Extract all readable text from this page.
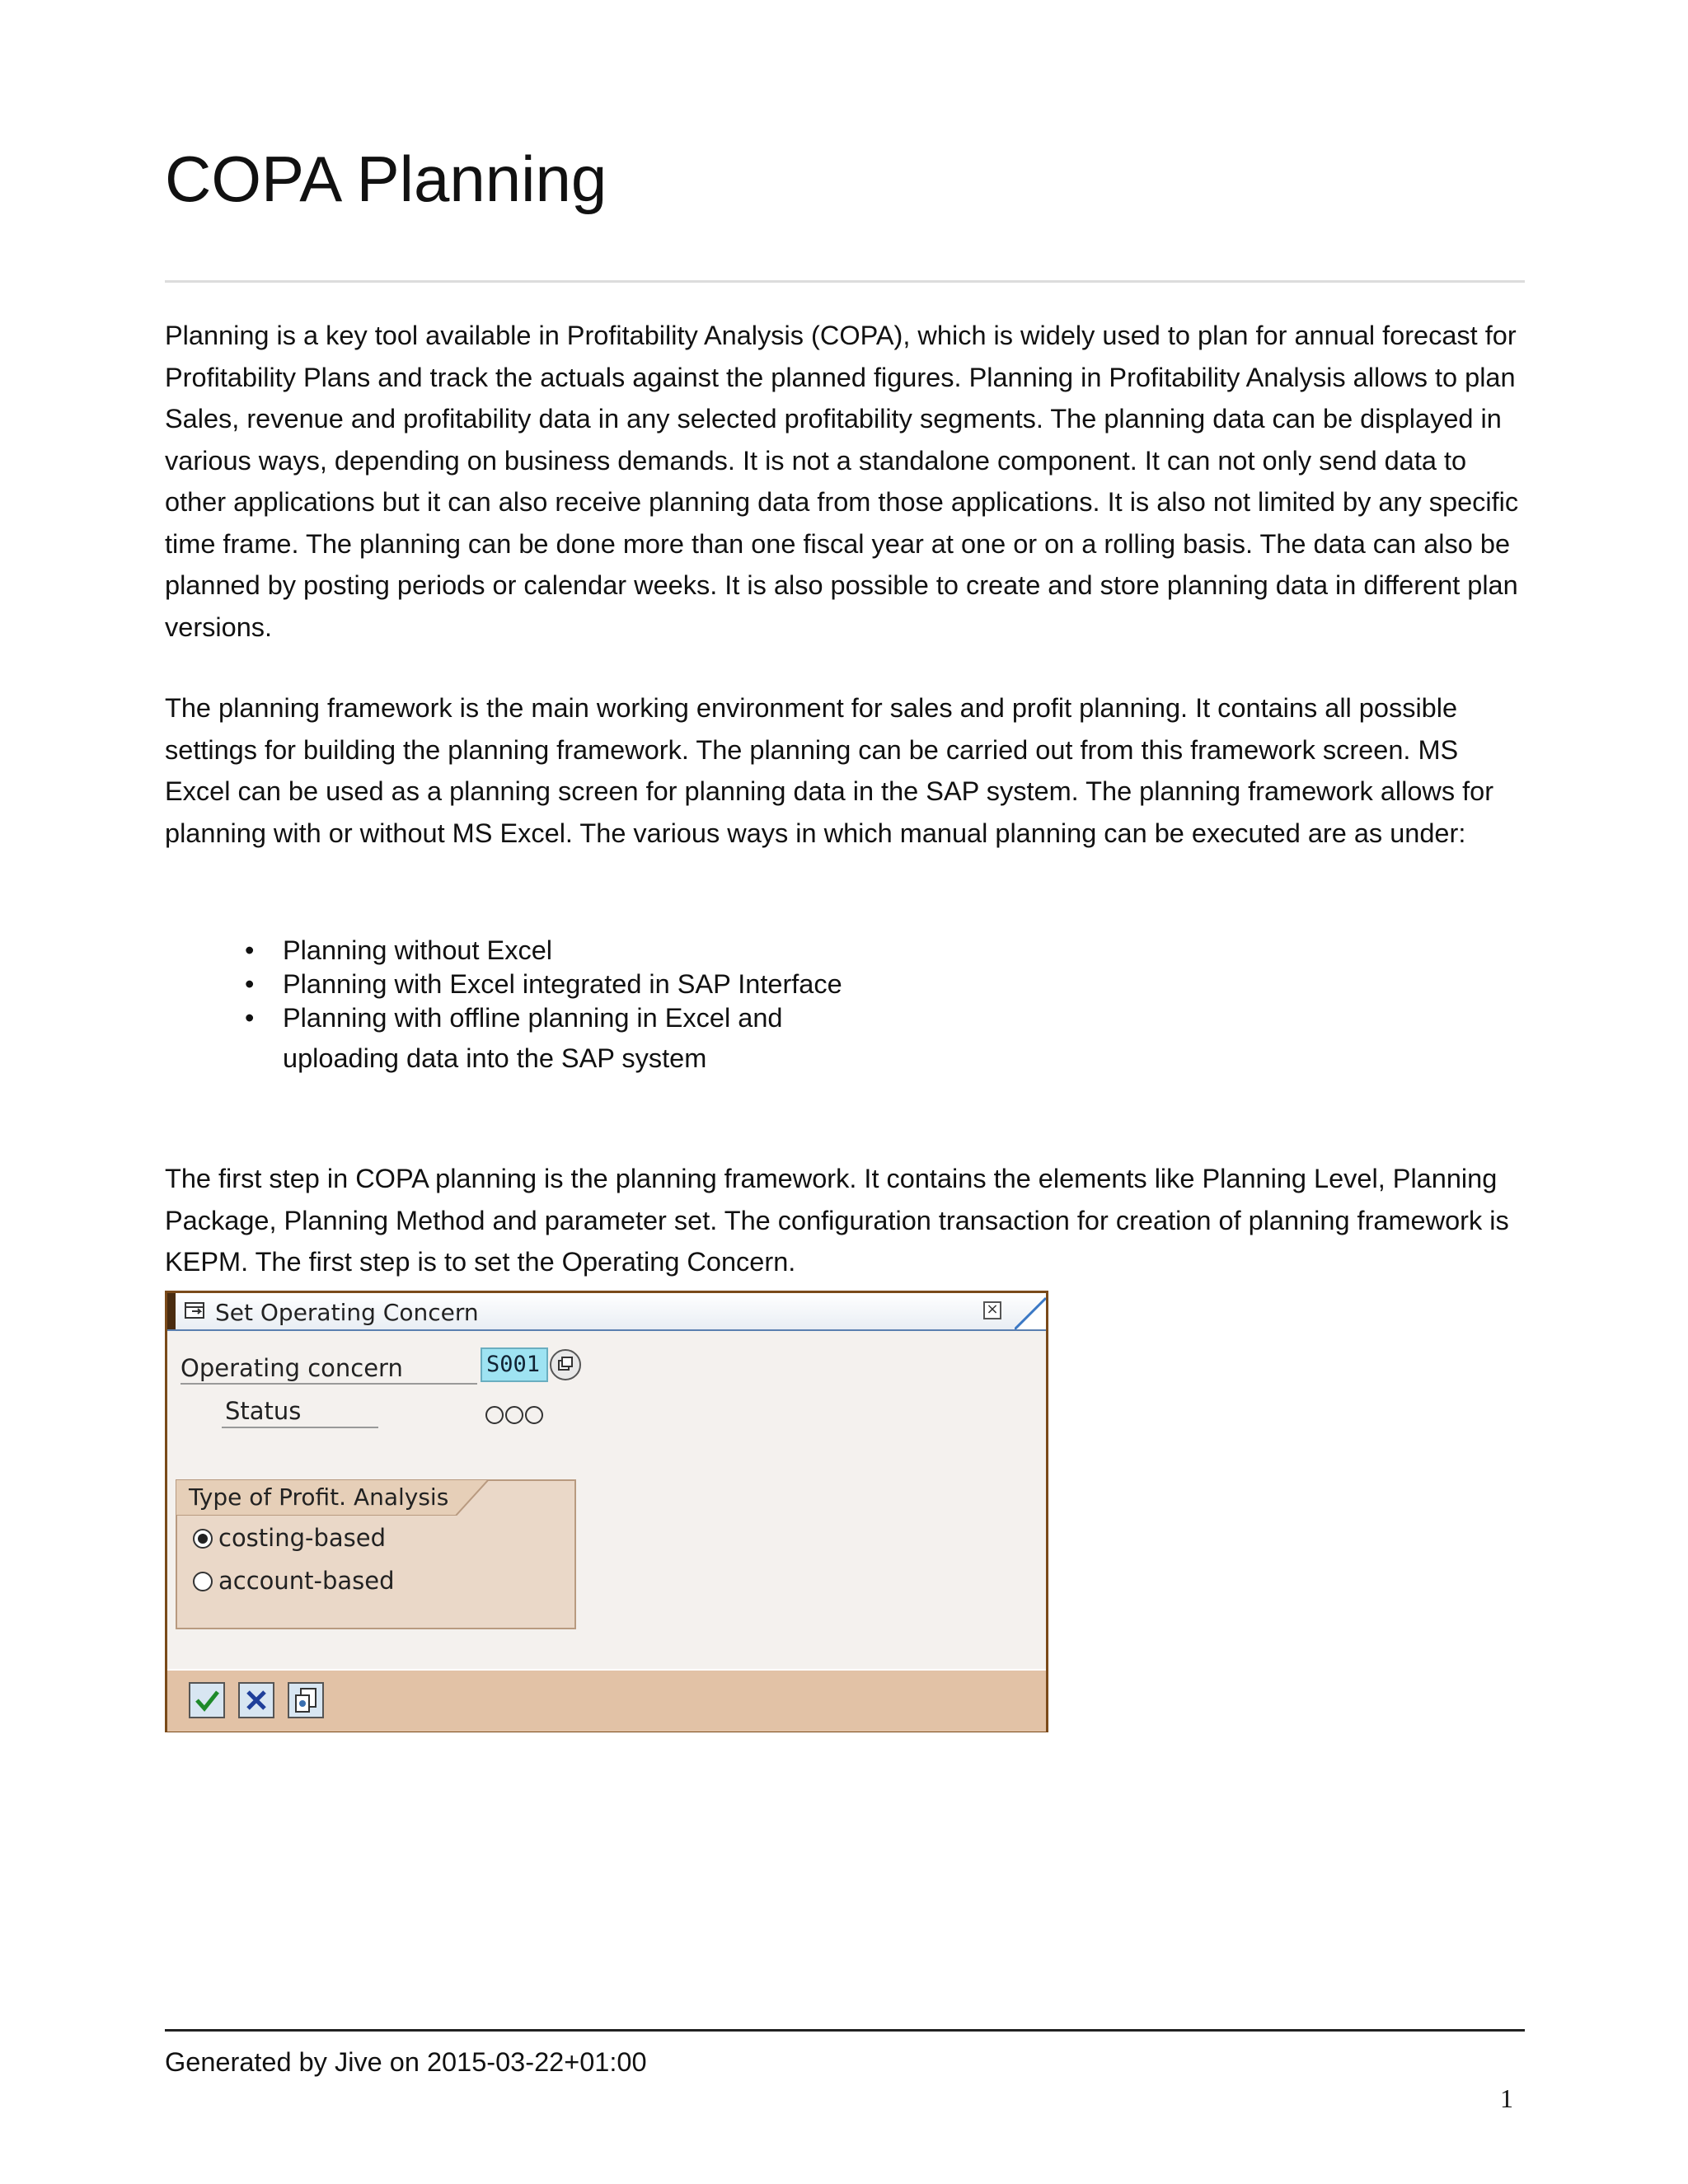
COPA Planning

Planning is a key tool available in Profitability Analysis (COPA), which is widely used to plan for annual forecast for Profitability Plans and track the actuals against the planned figures. Planning in Profitability Analysis allows to plan Sales, revenue and profitability data in any selected profitability segments. The planning data can be displayed in various ways, depending on business demands. It is not a standalone component. It can not only send data to other applications but it can also receive planning data from those applications. It is also not limited by any specific time frame. The planning can be done more than one fiscal year at one or on a rolling basis. The data can also be planned by posting periods or calendar weeks. It is also possible to create and store planning data in different plan versions.

The planning framework is the main working environment for sales and profit planning. It contains all possible settings for building the planning framework. The planning can be carried out from this framework screen. MS Excel can be used as a planning screen for planning data in the SAP system. The planning framework allows for planning with or without MS Excel. The various ways in which manual planning can be executed are as under:

• Planning without Excel
• Planning with Excel integrated in SAP Interface
• Planning with offline planning in Excel and
uploading data into the SAP system

The first step in COPA planning is the planning framework. It contains the elements like Planning Level, Planning Package, Planning Method and parameter set. The configuration transaction for creation of planning framework is KEPM. The first step is to set the Operating Concern.

Set Operating Concern	×
Operating concern	S001
Status
Type of Profit. Analysis
costing-based
account-based
Generated by Jive on 2015-03-22+01:00
1
